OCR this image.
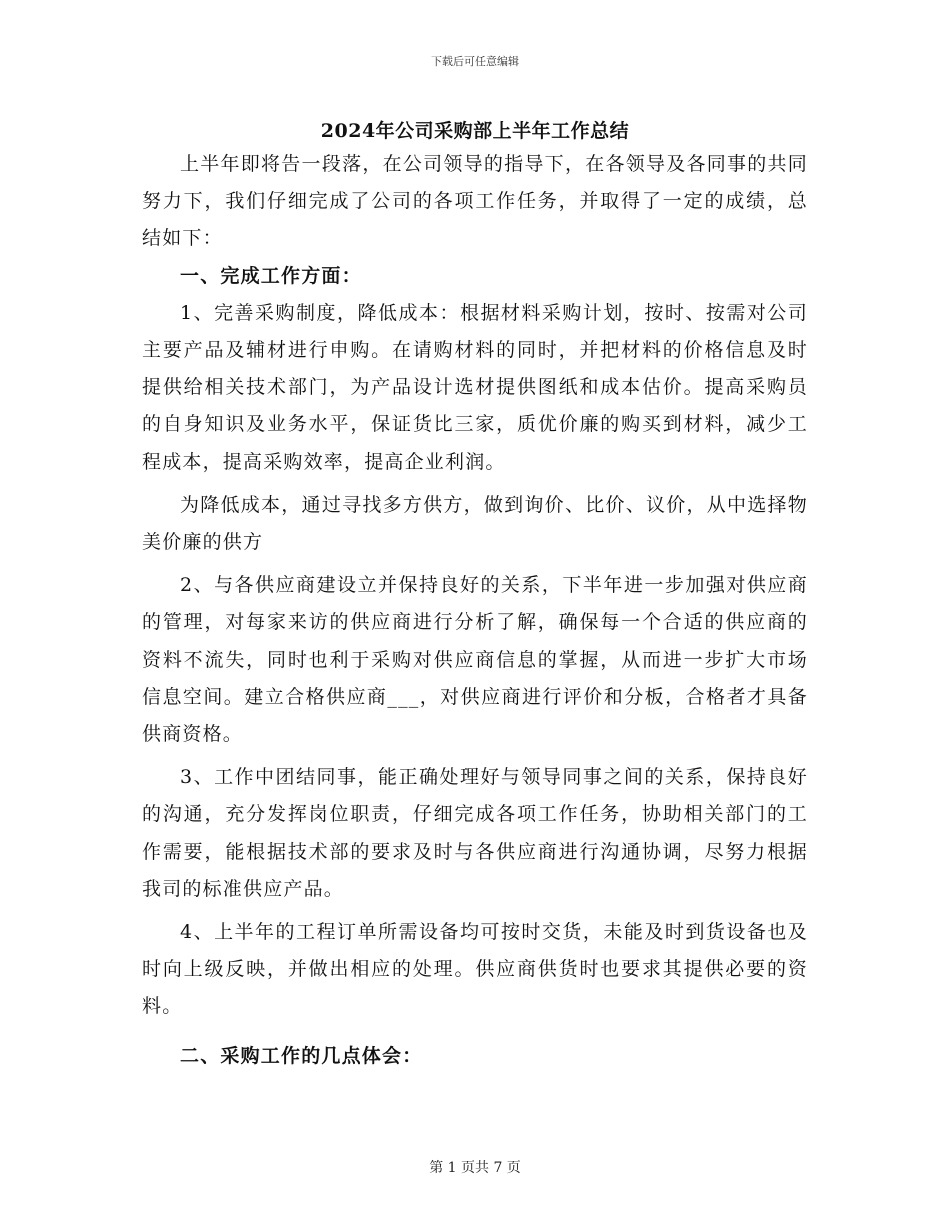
下载后可任意编辑
2024年公司采购部上半年工作总结

上半年即将告一段落，在公司领导的指导下，在各领导及各同事的共同努力下，我们仔细完成了公司的各项工作任务，并取得了一定的成绩，总结如下：

一、完成工作方面：

1、完善采购制度，降低成本：根据材料采购计划，按时、按需对公司主要产品及辅材进行申购。在请购材料的同时，并把材料的价格信息及时提供给相关技术部门，为产品设计选材提供图纸和成本估价。提高采购员的自身知识及业务水平，保证货比三家，质优价廉的购买到材料，减少工程成本，提高采购效率，提高企业利润。

为降低成本，通过寻找多方供方，做到询价、比价、议价，从中选择物美价廉的供方

2、与各供应商建设立并保持良好的关系，下半年进一步加强对供应商的管理，对每家来访的供应商进行分析了解，确保每一个合适的供应商的资料不流失，同时也利于采购对供应商信息的掌握，从而进一步扩大市场信息空间。建立合格供应商___，对供应商进行评价和分板，合格者才具备供商资格。

3、工作中团结同事，能正确处理好与领导同事之间的关系，保持良好的沟通，充分发挥岗位职责，仔细完成各项工作任务，协助相关部门的工作需要，能根据技术部的要求及时与各供应商进行沟通协调，尽努力根据我司的标准供应产品。

4、上半年的工程订单所需设备均可按时交货，未能及时到货设备也及时向上级反映，并做出相应的处理。供应商供货时也要求其提供必要的资料。

二、采购工作的几点体会：

第 1 页共 7 页
